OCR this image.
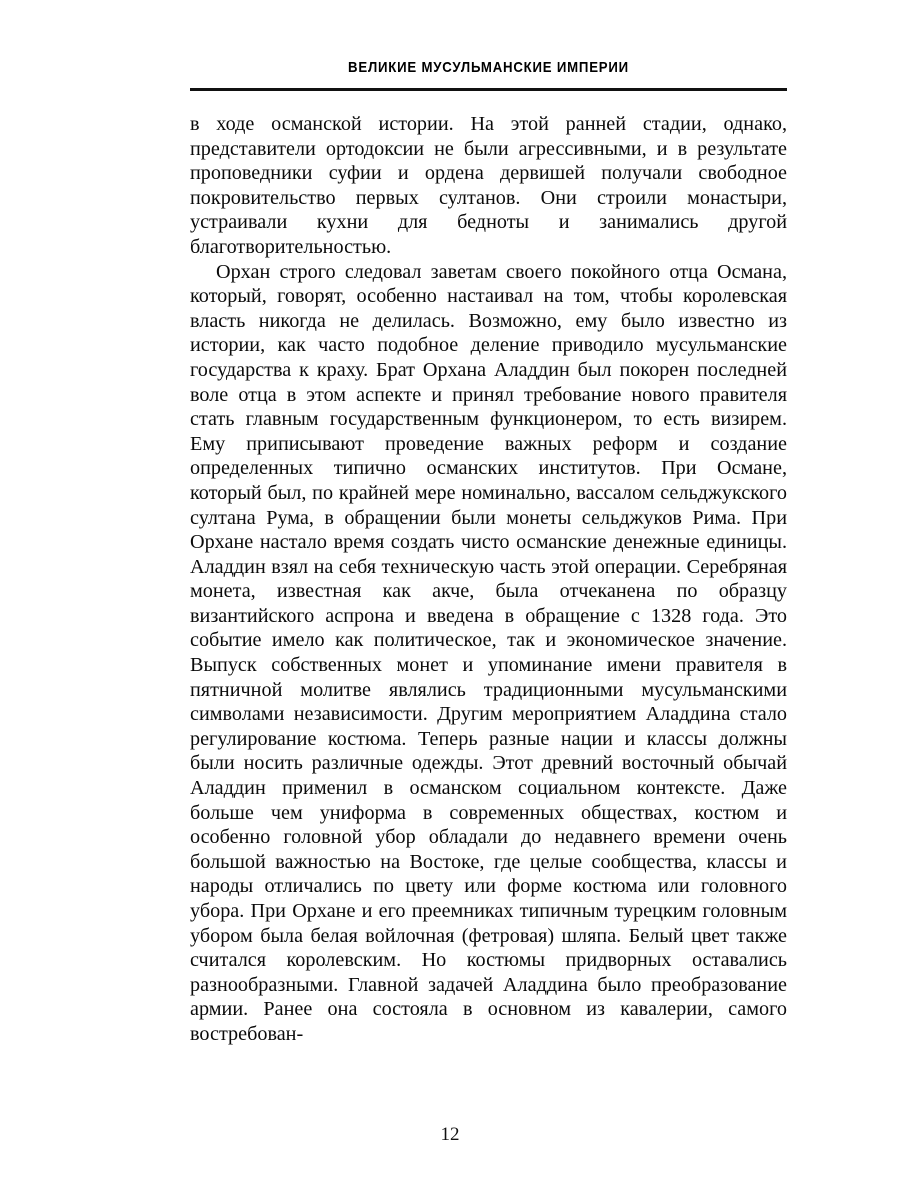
ВЕЛИКИЕ МУСУЛЬМАНСКИЕ ИМПЕРИИ

в ходе османской истории. На этой ранней стадии, однако, представители ортодоксии не были агрессивными, и в результате проповедники суфии и ордена дервишей получали свободное покровительство первых султанов. Они строили монастыри, устраивали кухни для бедноты и занимались другой благотворительностью.

Орхан строго следовал заветам своего покойного отца Османа, который, говорят, особенно настаивал на том, чтобы королевская власть никогда не делилась. Возможно, ему было известно из истории, как часто подобное деление приводило мусульманские государства к краху. Брат Орхана Аладдин был покорен последней воле отца в этом аспекте и принял требование нового правителя стать главным государственным функционером, то есть визирем. Ему приписывают проведение важных реформ и создание определенных типично османских институтов. При Османе, который был, по крайней мере номинально, вассалом сельджукского султана Рума, в обращении были монеты сельджуков Рима. При Орхане настало время создать чисто османские денежные единицы. Аладдин взял на себя техническую часть этой операции. Серебряная монета, известная как акче, была отчеканена по образцу византийского аспрона и введена в обращение с 1328 года. Это событие имело как политическое, так и экономическое значение. Выпуск собственных монет и упоминание имени правителя в пятничной молитве являлись традиционными мусульманскими символами независимости. Другим мероприятием Аладдина стало регулирование костюма. Теперь разные нации и классы должны были носить различные одежды. Этот древний восточный обычай Аладдин применил в османском социальном контексте. Даже больше чем униформа в современных обществах, костюм и особенно головной убор обладали до недавнего времени очень большой важностью на Востоке, где целые сообщества, классы и народы отличались по цвету или форме костюма или головного убора. При Орхане и его преемниках типичным турецким головным убором была белая войлочная (фетровая) шляпа. Белый цвет также считался королевским. Но костюмы придворных оставались разнообразными. Главной задачей Аладдина было преобразование армии. Ранее она состояла в основном из кавалерии, самого востребован-

12
